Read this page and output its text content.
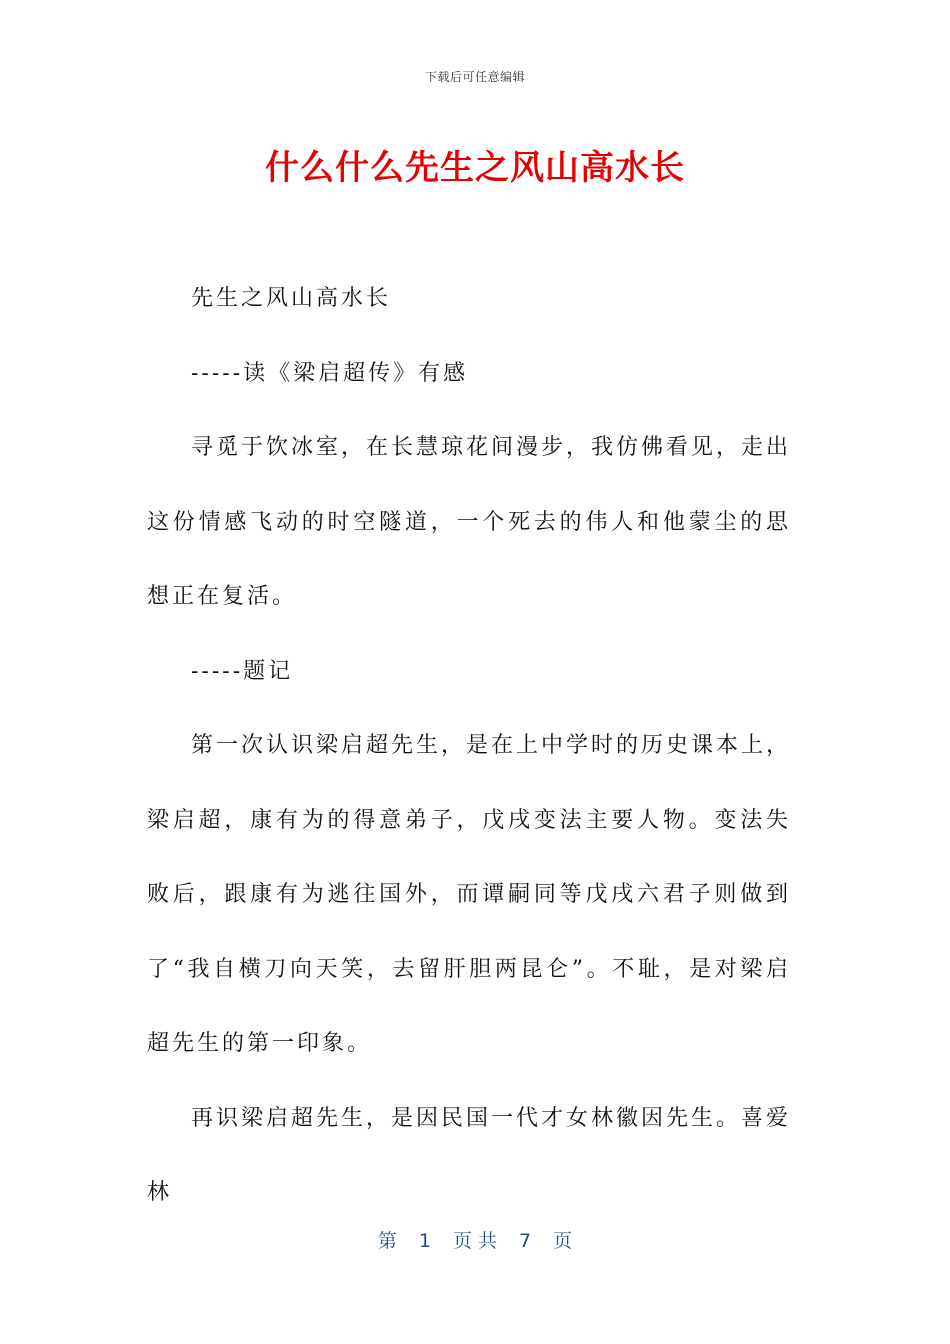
下载后可任意编辑
什么什么先生之风山高水长

先生之风山高水长

-----读《梁启超传》有感

寻觅于饮冰室，在长慧琼花间漫步，我仿佛看见，走出这份情感飞动的时空隧道，一个死去的伟人和他蒙尘的思想正在复活。

-----题记

第一次认识梁启超先生，是在上中学时的历史课本上，梁启超，康有为的得意弟子，戊戌变法主要人物。变法失败后，跟康有为逃往国外，而谭嗣同等戊戌六君子则做到了“我自横刀向天笑，去留肝胆两昆仑”。不耻，是对梁启超先生的第一印象。

再识梁启超先生，是因民国一代才女林徽因先生。喜爱林

第 1 页 共 7 页
